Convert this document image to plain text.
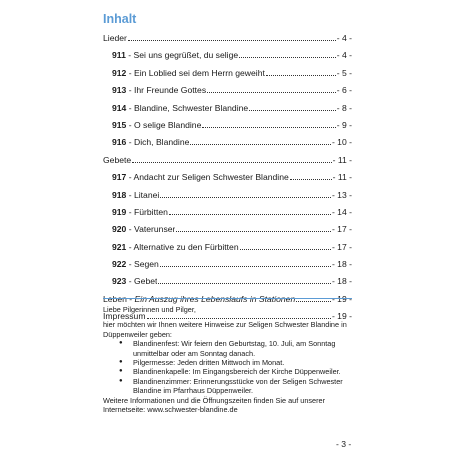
Inhalt
Lieder	- 4 -
911 - Sei uns gegrüßet, du selige	- 4 -
912 - Ein Loblied sei dem Herrn geweiht	- 5 -
913 - Ihr Freunde Gottes	- 6 -
914 - Blandine, Schwester Blandine	- 8 -
915 - O selige Blandine	- 9 -
916 - Dich, Blandine	- 10 -
Gebete	- 11 -
917 - Andacht zur Seligen Schwester Blandine	- 11 -
918 - Litanei	- 13 -
919 - Fürbitten	- 14 -
920 - Vaterunser	- 17 -
921 - Alternative zu den Fürbitten	- 17 -
922 - Segen	- 18 -
923 - Gebet	- 18 -
Leben - Ein Auszug ihres Lebenslaufs in Stationen	- 19 -
Impressum	- 19 -

Liebe Pilgerinnen und Pilger,

hier möchten wir Ihnen weitere Hinweise zur Seligen Schwester Blandine in Düppenweiler geben:

● Blandinenfest: Wir feiern den Geburtstag, 10. Juli, am Sonntag unmittelbar oder am Sonntag danach.
● Pilgermesse: Jeden dritten Mittwoch im Monat.
● Blandinenkapelle: Im Eingangsbereich der Kirche Düppenweiler.
● Blandinenzimmer: Erinnerungsstücke von der Seligen Schwester Blandine im Pfarrhaus Düppenweiler.

Weitere Informationen und die Öffnungszeiten finden Sie auf unserer Internetseite: www.schwester-blandine.de

- 3 -
